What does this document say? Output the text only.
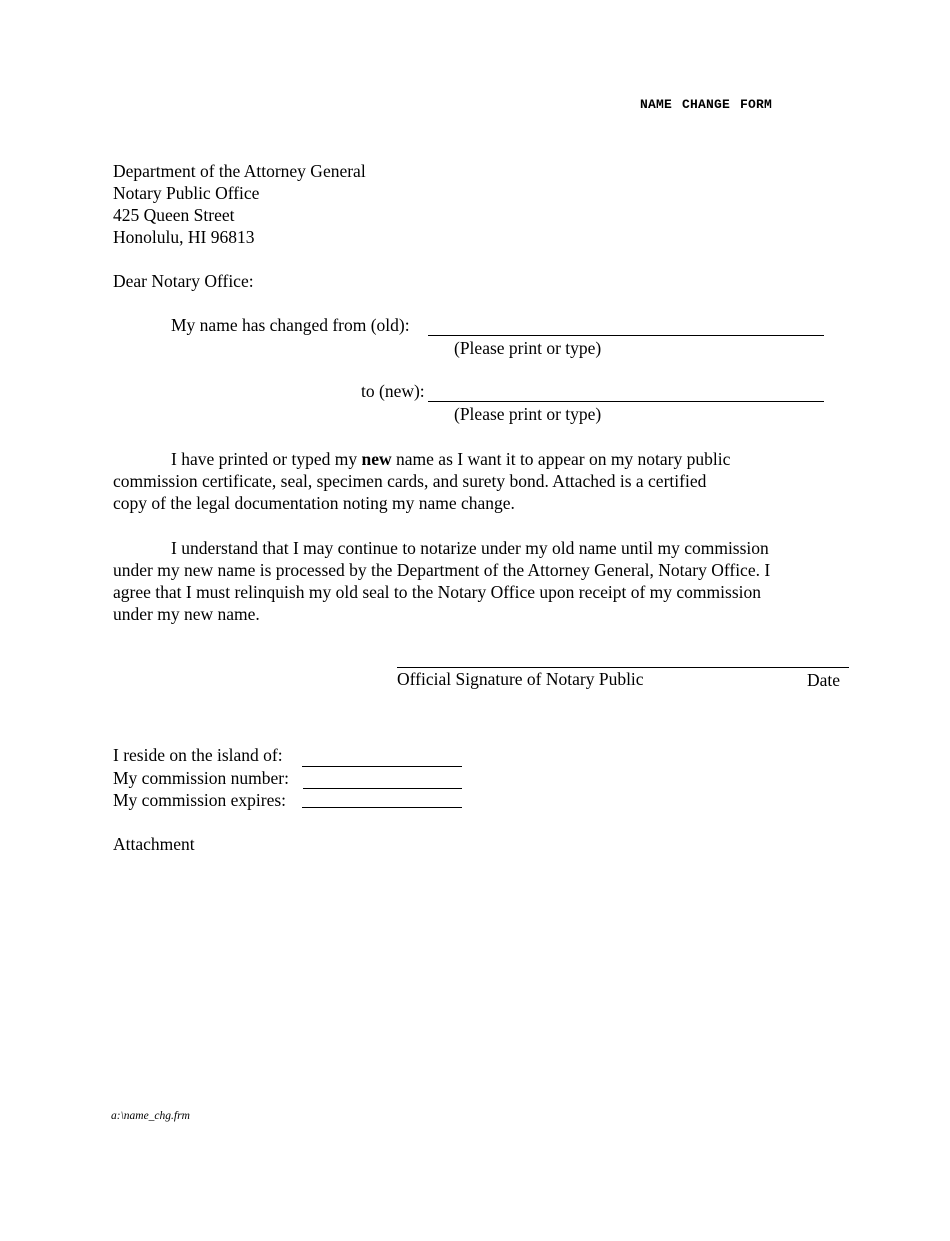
NAME CHANGE FORM
Department of the Attorney General
Notary Public Office
425 Queen Street
Honolulu, HI 96813
Dear Notary Office:
My name has changed from (old):
(Please print or type)
to (new):
(Please print or type)
I have printed or typed my new name as I want it to appear on my notary public
commission certificate, seal, specimen cards, and surety bond. Attached is a certified
copy of the legal documentation noting my name change.
I understand that I may continue to notarize under my old name until my commission
under my new name is processed by the Department of the Attorney General, Notary Office. I
agree that I must relinquish my old seal to the Notary Office upon receipt of my commission
under my new name.
Official Signature of Notary Public	Date
I reside on the island of:
My commission number:
My commission expires:
Attachment
a:\name_chg.frm
